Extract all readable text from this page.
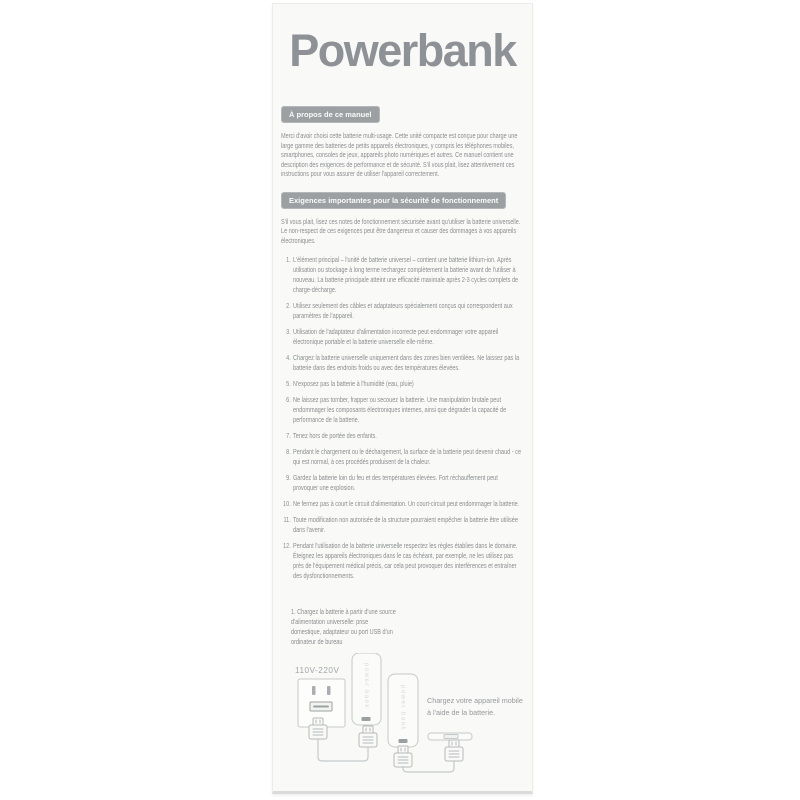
Powerbank
À propos de ce manuel
Merci d'avoir choisi cette batterie multi-usage. Cette unité compacte est conçue pour charge une large gamme des batteries de petits appareils électroniques, y compris les téléphones mobiles, smartphones, consoles de jeux, appareils photo numériques et autres. Ce manuel contient une description des exigences de performance et de sécurité. S'il vous plait, lisez attentivement ces instructions pour vous assurer de utiliser l'appareil correctement.
Exigences importantes pour la sécurité de fonctionnement
S'il vous plait, lisez ces notes de fonctionnement sécurisée avant qu'utiliser la batterie universelle. Le non-respect de ces exigences peut être dangereux et causer des dommages à vos appareils électroniques.
1. L'élément principal – l'unité de batterie universel – contient une batterie lithium-ion. Après utilisation ou stockage à long terme rechargez complètement la batterie avant de l'utiliser à nouveau. La batterie principale atteint une efficacité maximale après 2-3 cycles complets de charge-décharge.
2. Utilisez seulement des câbles et adaptateurs spécialement conçus qui correspondent aux paramètres de l'appareil.
3. Utilisation de l'adaptateur d'alimentation incorrecte peut endommager votre appareil électronique portable et la batterie universelle elle-même.
4. Chargez la batterie universelle uniquement dans des zones bien ventilées. Ne laissez pas la batterie dans des endroits froids ou avec des températures élevées.
5. N'exposez pas la batterie à l'humidité (eau, pluie)
6. Ne laissez pas tomber, frapper ou secouez la batterie. Une manipulation brutale peut endommager les composants électroniques internes, ainsi que dégrader la capacité de performance de la batterie.
7. Tenez hors de portée des enfants.
8. Pendant le chargement ou le déchargement, la surface de la batterie peut devenir chaud - ce qui est normal, à ces procédés produisent de la chaleur.
9. Gardez la batterie loin du feu et des températures élevées. Fort réchauffement peut provoquer une explosion.
10. Ne fermez pas à court le circuit d'alimentation. Un court-circuit peut endommager la batterie.
11. Toute modification non autorisée de la structure pourraient empêcher la batterie être utilisée dans l'avenir.
12. Pendant l'utilisation de la batterie universelle respectez les règles établies dans le domaine. Éteignez les appareils électroniques dans le cas échéant, par exemple, ne les utilisez pas près de l'équipement médical précis, car cela peut provoquer des interférences et entraîner des dysfonctionnements.
1. Chargez la batterie à partir d'une source d'alimentation universelle: prise domestique, adaptateur ou port USB d'un ordinateur de bureau
110V-220V	power bank	power bank	Chargez votre appareil mobile
à l'aide de la batterie.
